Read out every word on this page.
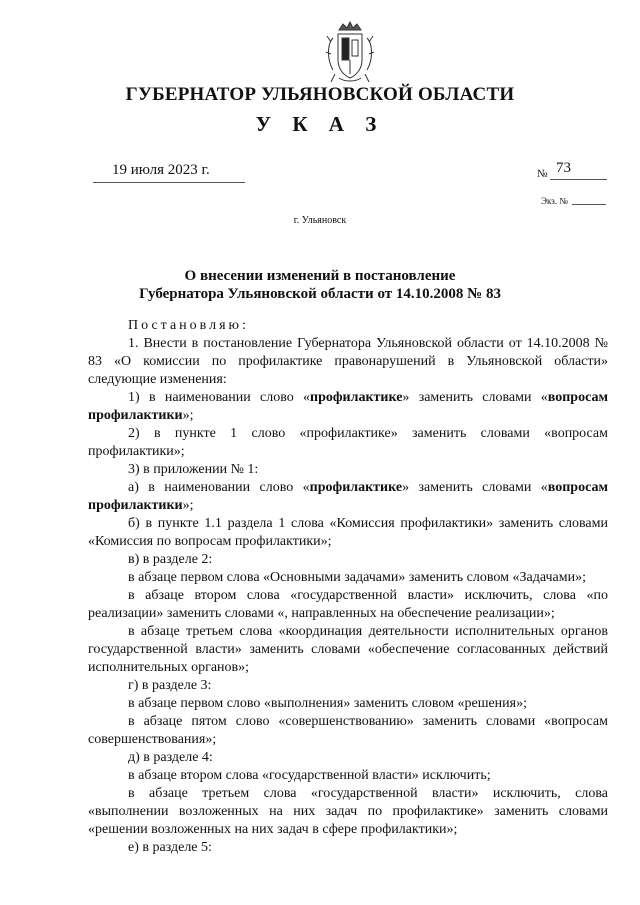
ГУБЕРНАТОР УЛЬЯНОВСКОЙ ОБЛАСТИ
У К А З
19 июля 2023 г.	№ 73
Экз. №
г. Ульяновск
О внесении изменений в постановление
Губернатора Ульяновской области от 14.10.2008 № 83

Постановляю:

1. Внести в постановление Губернатора Ульяновской области от 14.10.2008 № 83 «О комиссии по профилактике правонарушений в Ульяновской области» следующие изменения:

1) в наименовании слово «профилактике» заменить словами «вопросам профилактики»;

2) в пункте 1 слово «профилактике» заменить словами «вопросам профилактики»;

3) в приложении № 1:

а) в наименовании слово «профилактике» заменить словами «вопросам профилактики»;

б) в пункте 1.1 раздела 1 слова «Комиссия профилактики» заменить словами «Комиссия по вопросам профилактики»;

в) в разделе 2:

в абзаце первом слова «Основными задачами» заменить словом «Задачами»;

в абзаце втором слова «государственной власти» исключить, слова «по реализации» заменить словами «, направленных на обеспечение реализации»;

в абзаце третьем слова «координация деятельности исполнительных органов государственной власти» заменить словами «обеспечение согласованных действий исполнительных органов»;

г) в разделе 3:

в абзаце первом слово «выполнения» заменить словом «решения»;

в абзаце пятом слово «совершенствованию» заменить словами «вопросам совершенствования»;

д) в разделе 4:

в абзаце втором слова «государственной власти» исключить;

в абзаце третьем слова «государственной власти» исключить, слова «выполнении возложенных на них задач по профилактике» заменить словами «решении возложенных на них задач в сфере профилактики»;

е) в разделе 5:
